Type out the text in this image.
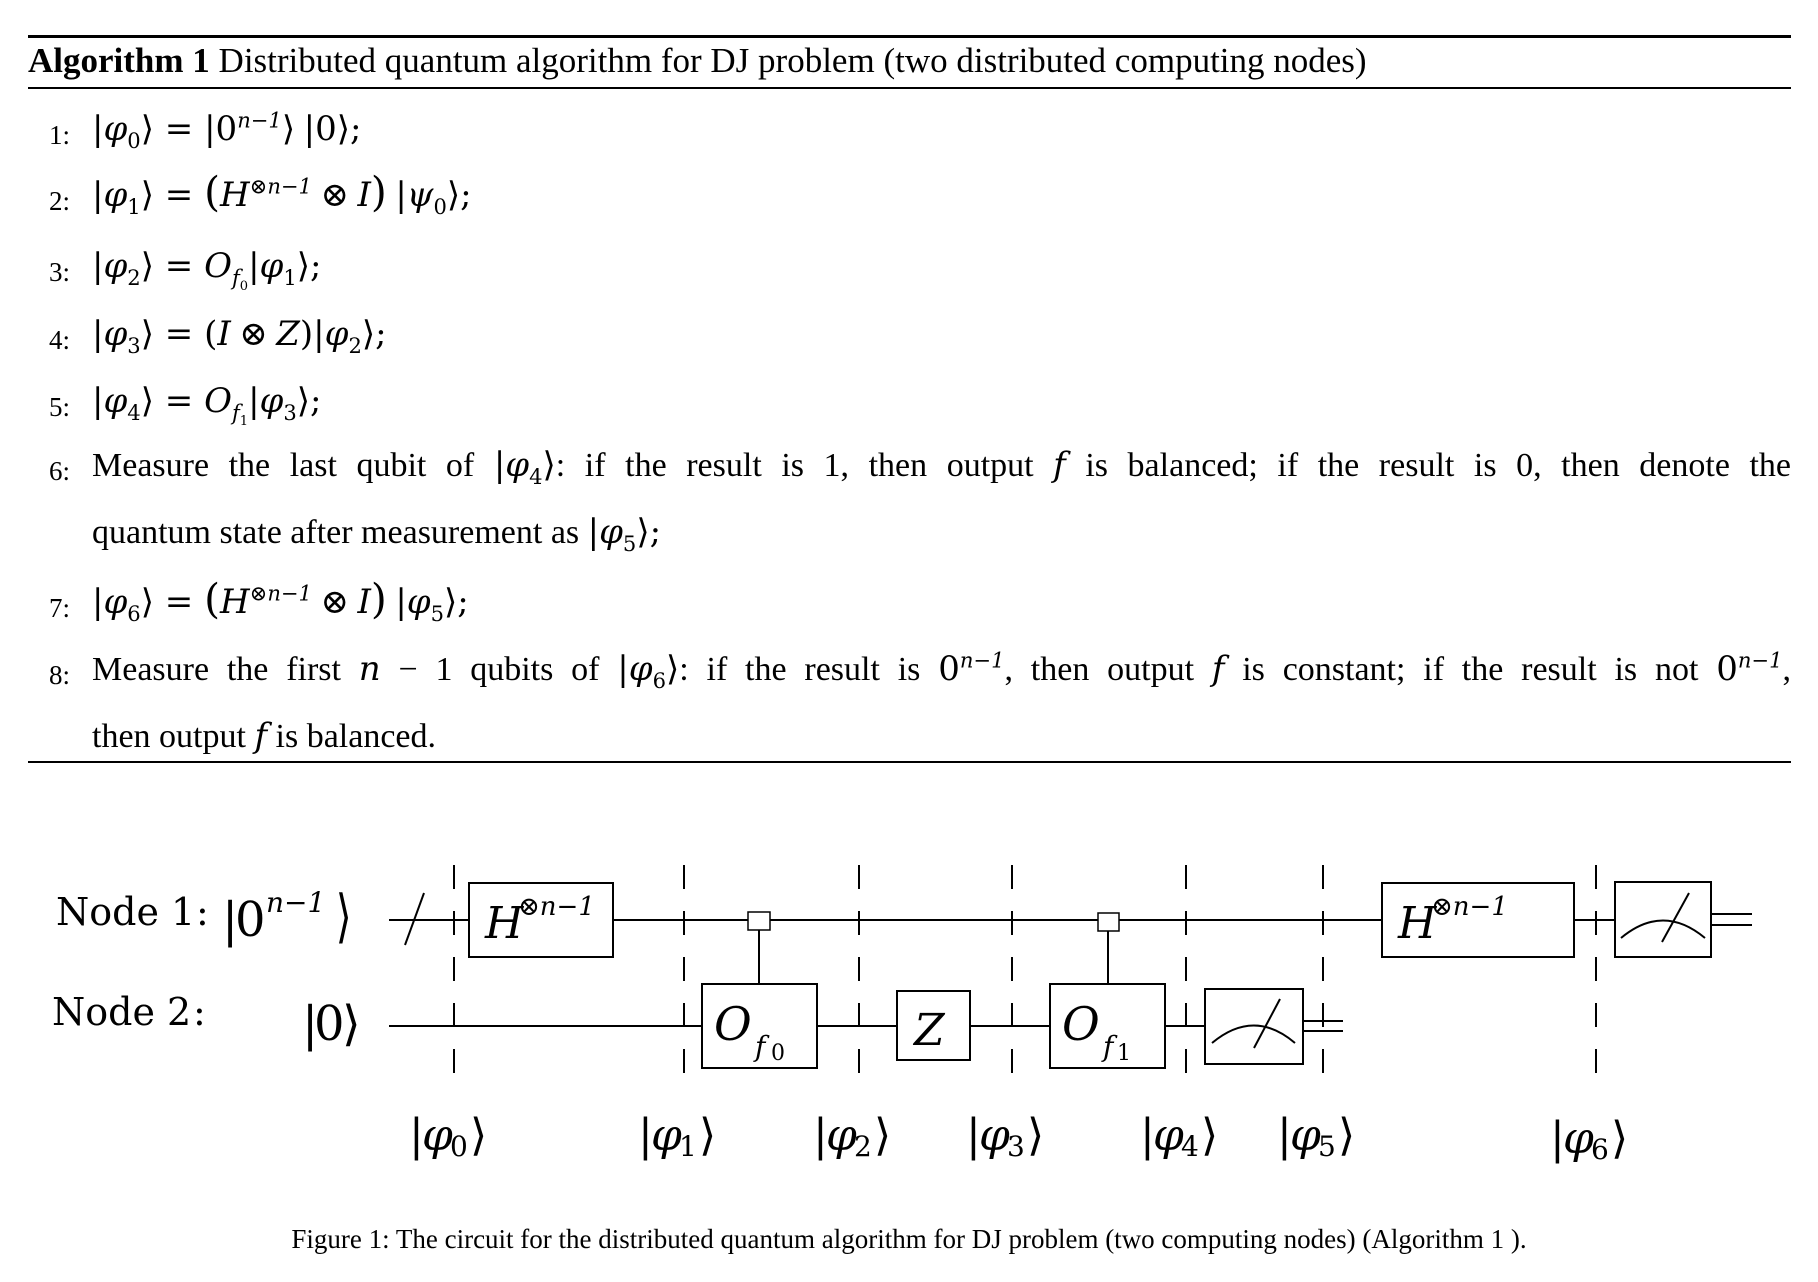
Algorithm 1 Distributed quantum algorithm for DJ problem (two distributed computing nodes)
1: $|\varphi_0⟩$ = $|0^{n-1}⟩$ |0⟩;
2: $|\varphi_1⟩ = (H^{\otimes n-1}$ ⊗ I) $|\psi_0⟩$;
3: $|\varphi_2⟩$ = $O_{f_0}|\varphi_1⟩$;
4: $|\varphi_3⟩ = (I$ ⊗ $Z)|\varphi_2⟩$;
5: $|\varphi_4⟩$ = $O_{f_1}|\varphi_3⟩$;
6: Measure the last qubit of $|\varphi_4⟩$: if the result is 1, then output f is balanced; if the result is 0, then denote the
quantum state after measurement as $|\varphi_5⟩$;
7: $|\varphi_6⟩ = (H^{\otimes n-1}$ ⊗ I) $|\varphi_5⟩$;
8: Measure the first n − 1 qubits of $|\varphi_6⟩$: if the result is $0^{n-1}$, then output f is constant; if the result is not $0^{n-1}$,
then output f is balanced.
Node 1 : |
0 n−1 ⟩
Node 2 : |
0
⟩
H
⊗n−1
O f 0	Z	O f 1
H
⊗n−1
|
φ
0 ⟩	|
φ
1 ⟩ |
φ
2 ⟩ |
φ
3 ⟩ |
φ
4 ⟩ |
φ
5 ⟩	|
φ
6 ⟩
Figure 1: The circuit for the distributed quantum algorithm for DJ problem (two computing nodes) (Algorithm 1 ).
